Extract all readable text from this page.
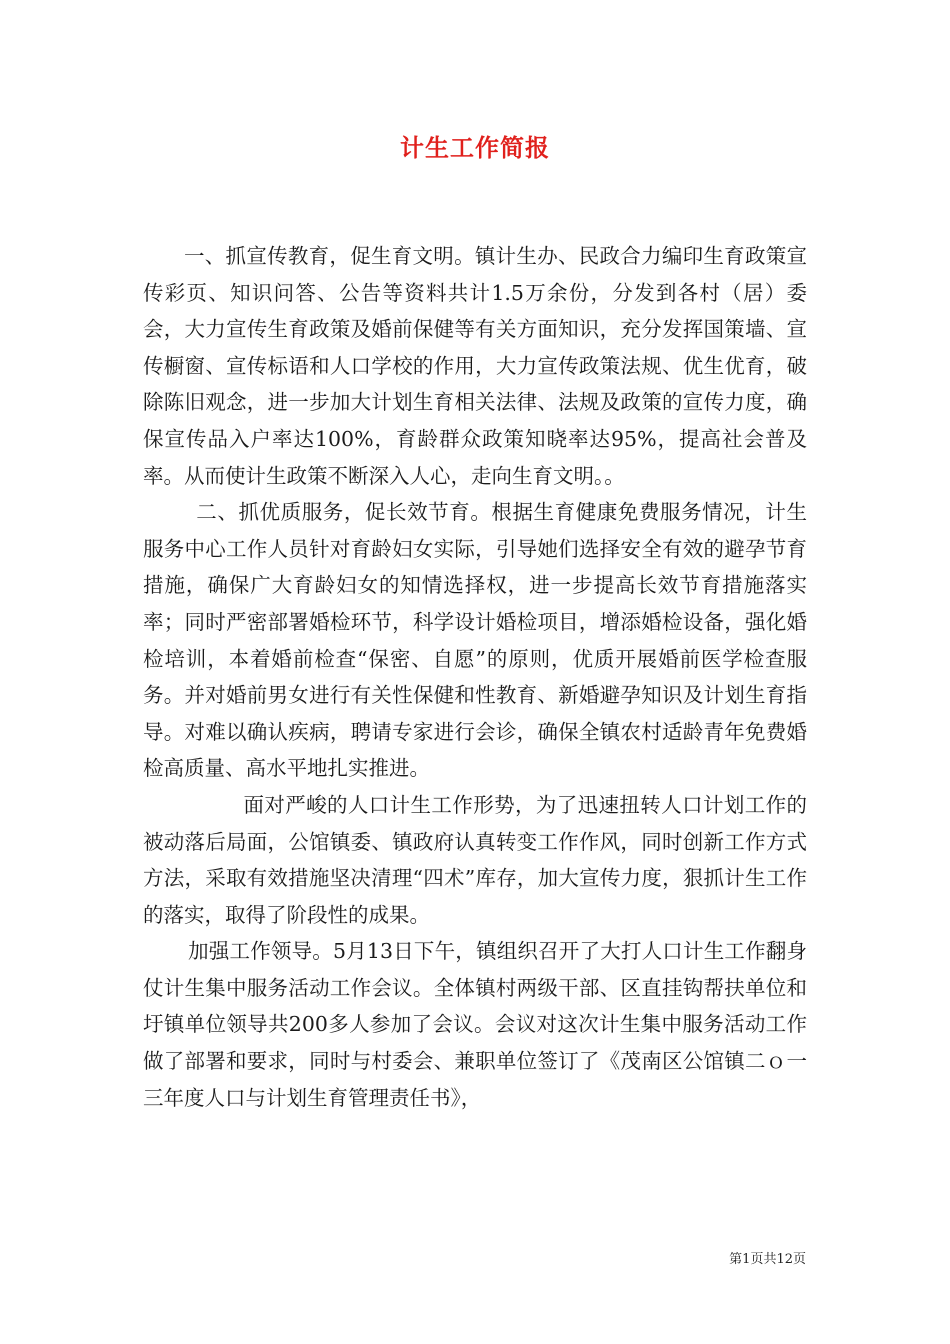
计生工作简报

一、抓宣传教育，促生育文明。镇计生办、民政合力编印生育政策宣传彩页、知识问答、公告等资料共计1.5万余份，分发到各村（居）委会，大力宣传生育政策及婚前保健等有关方面知识，充分发挥国策墙、宣传橱窗、宣传标语和人口学校的作用，大力宣传政策法规、优生优育，破除陈旧观念，进一步加大计划生育相关法律、法规及政策的宣传力度，确保宣传品入户率达100%，育龄群众政策知晓率达95%，提高社会普及率。从而使计生政策不断深入人心，走向生育文明。。

二、抓优质服务，促长效节育。根据生育健康免费服务情况，计生服务中心工作人员针对育龄妇女实际，引导她们选择安全有效的避孕节育措施，确保广大育龄妇女的知情选择权，进一步提高长效节育措施落实率；同时严密部署婚检环节，科学设计婚检项目，增添婚检设备，强化婚检培训，本着婚前检查“保密、自愿”的原则，优质开展婚前医学检查服务。并对婚前男女进行有关性保健和性教育、新婚避孕知识及计划生育指导。对难以确认疾病，聘请专家进行会诊，确保全镇农村适龄青年免费婚检高质量、高水平地扎实推进。

面对严峻的人口计生工作形势，为了迅速扭转人口计划工作的被动落后局面，公馆镇委、镇政府认真转变工作作风，同时创新工作方式方法，采取有效措施坚决清理“四术”库存，加大宣传力度，狠抓计生工作的落实，取得了阶段性的成果。

加强工作领导。5月13日下午，镇组织召开了大打人口计生工作翻身仗计生集中服务活动工作会议。全体镇村两级干部、区直挂钩帮扶单位和圩镇单位领导共200多人参加了会议。会议对这次计生集中服务活动工作做了部署和要求，同时与村委会、兼职单位签订了《茂南区公馆镇二ｏ一三年度人口与计划生育管理责任书》，

第1页共12页
